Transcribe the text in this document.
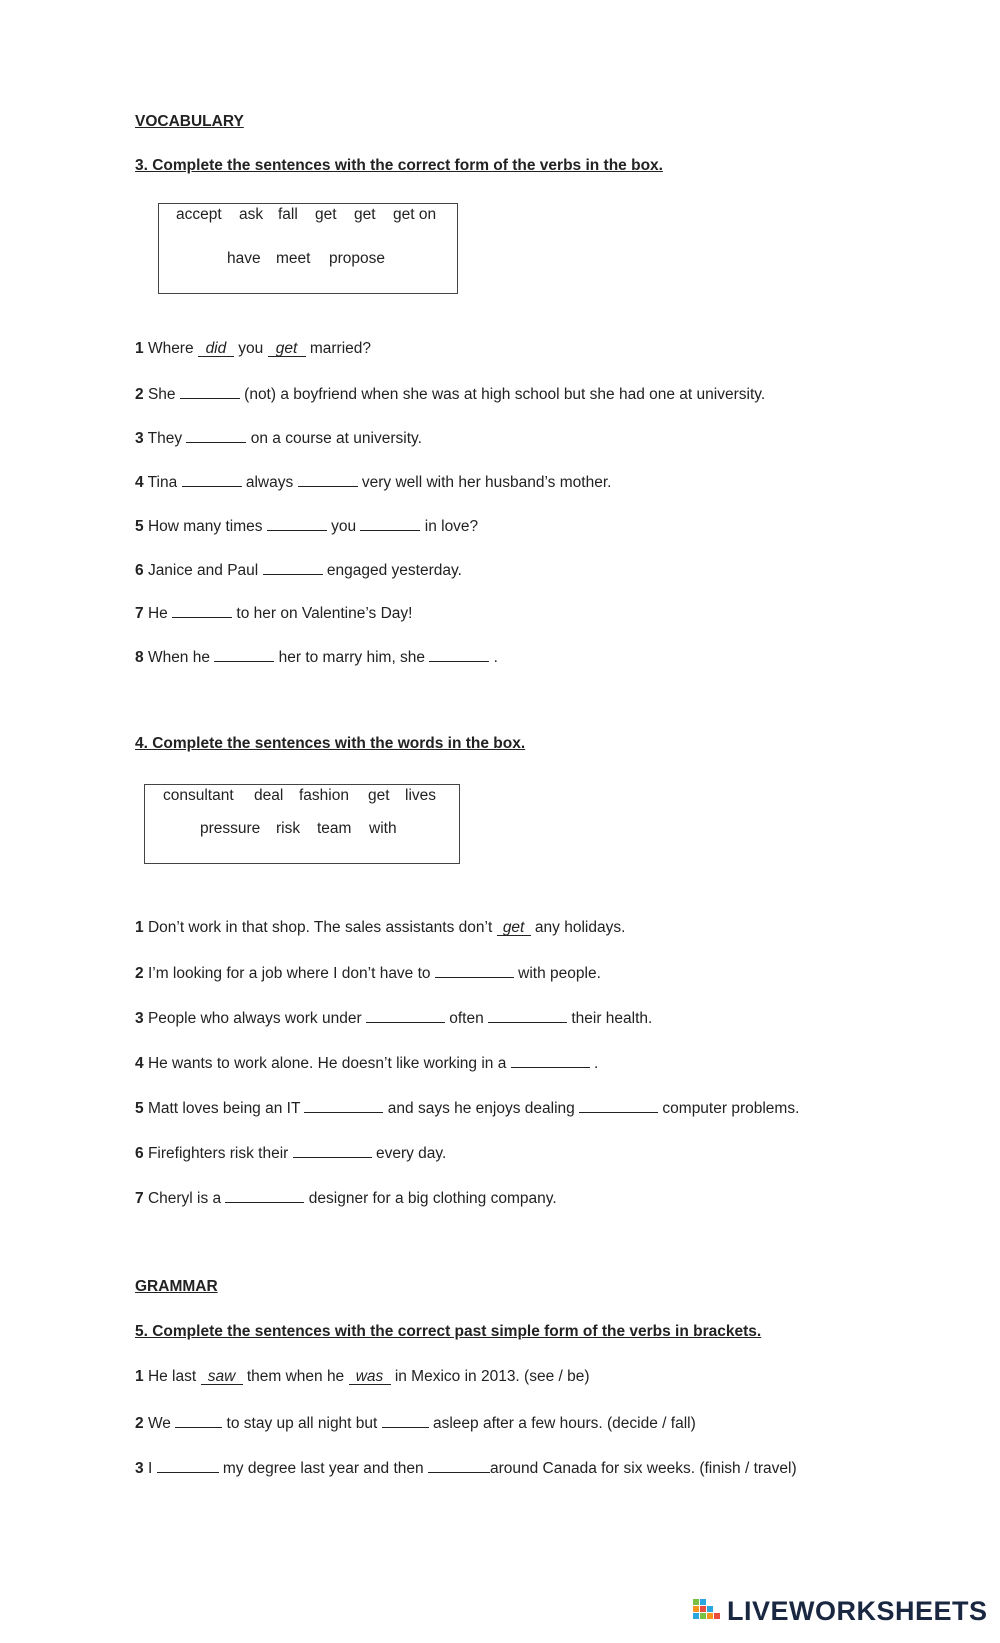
VOCABULARY
3. Complete the sentences with the correct form of the verbs in the box.
accept ask fall get get get on
have meet propose
1 Where did you get married?
2 She	(not) a boyfriend when she was at high school but she had one at university.
3 They	on a course at university.
4 Tina	always	very well with her husband’s mother.
5 How many times	you	in love?
6 Janice and Paul	engaged yesterday.
7 He	to her on Valentine’s Day!
8 When he	her to marry him, she	.
4. Complete the sentences with the words in the box.
consultant deal fashion get lives
pressure risk team with
1 Don’t work in that shop. The sales assistants don’t get any holidays.
2 I’m looking for a job where I don’t have to	with people.
3 People who always work under	often	their health.
4 He wants to work alone. He doesn’t like working in a	.
5 Matt loves being an IT	and says he enjoys dealing	computer problems.
6 Firefighters risk their	every day.
7 Cheryl is a	designer for a big clothing company.
GRAMMAR
5. Complete the sentences with the correct past simple form of the verbs in brackets.
1 He last saw them when he was in Mexico in 2013. (see / be)
2 We	to stay up all night but	asleep after a few hours. (decide / fall)
3 I	my degree last year and then	around Canada for six weeks. (finish / travel)
LIVEWORKSHEETS
